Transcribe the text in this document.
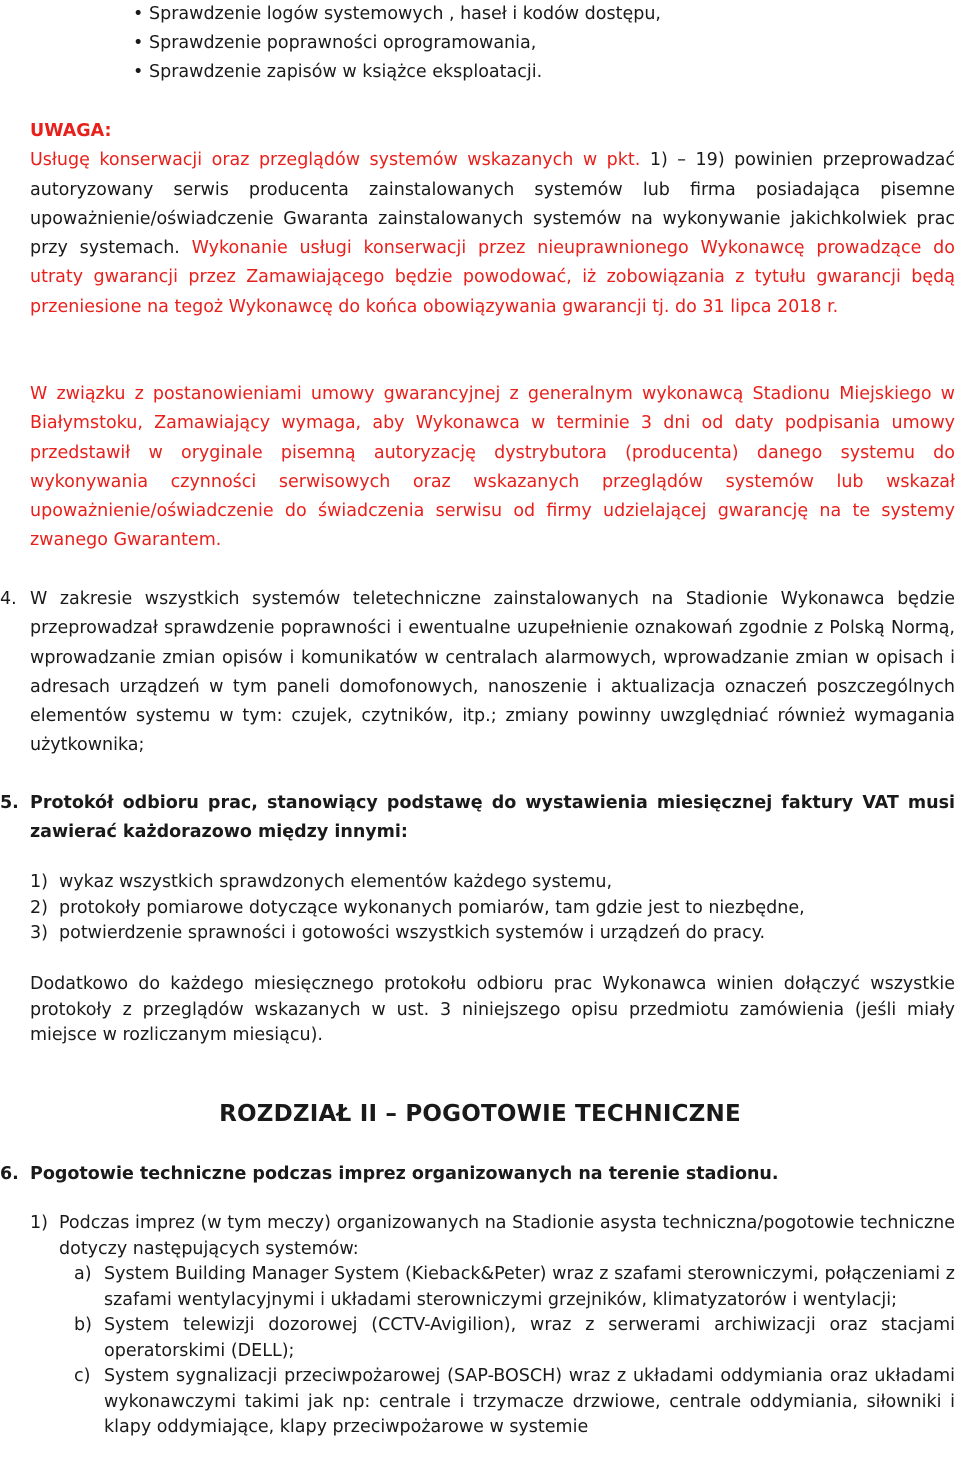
• Sprawdzenie logów systemowych , haseł i kodów dostępu,
• Sprawdzenie poprawności oprogramowania,
• Sprawdzenie zapisów w książce eksploatacji.

UWAGA:
Usługę konserwacji oraz przeglądów systemów wskazanych w pkt. 1) – 19) powinien przeprowadzać autoryzowany serwis producenta zainstalowanych systemów lub firma posiadająca pisemne upoważnienie/oświadczenie Gwaranta zainstalowanych systemów na wykonywanie jakichkolwiek prac przy systemach. Wykonanie usługi konserwacji przez nieuprawnionego Wykonawcę prowadzące do utraty gwarancji przez Zamawiającego będzie powodować, iż zobowiązania z tytułu gwarancji będą przeniesione na tegoż Wykonawcę do końca obowiązywania gwarancji tj. do 31 lipca 2018 r.

W związku z postanowieniami umowy gwarancyjnej z generalnym wykonawcą Stadionu Miejskiego w Białymstoku, Zamawiający wymaga, aby Wykonawca w terminie 3 dni od daty podpisania umowy przedstawił w oryginale pisemną autoryzację dystrybutora (producenta) danego systemu do wykonywania czynności serwisowych oraz wskazanych przeglądów systemów lub wskazał upoważnienie/oświadczenie do świadczenia serwisu od firmy udzielającej gwarancję na te systemy zwanego Gwarantem.

4. W zakresie wszystkich systemów teletechniczne zainstalowanych na Stadionie Wykonawca będzie przeprowadzał sprawdzenie poprawności i ewentualne uzupełnienie oznakowań zgodnie z Polską Normą, wprowadzanie zmian opisów i komunikatów w centralach alarmowych, wprowadzanie zmian w opisach i adresach urządzeń w tym paneli domofonowych, nanoszenie i aktualizacja oznaczeń poszczególnych elementów systemu w tym: czujek, czytników, itp.; zmiany powinny uwzględniać również wymagania użytkownika;

5. Protokół odbioru prac, stanowiący podstawę do wystawienia miesięcznej faktury VAT musi zawierać każdorazowo między innymi:

1) wykaz wszystkich sprawdzonych elementów każdego systemu,
2) protokoły pomiarowe dotyczące wykonanych pomiarów, tam gdzie jest to niezbędne,
3) potwierdzenie sprawności i gotowości wszystkich systemów i urządzeń do pracy.

Dodatkowo do każdego miesięcznego protokołu odbioru prac Wykonawca winien dołączyć wszystkie protokoły z przeglądów wskazanych w ust. 3 niniejszego opisu przedmiotu zamówienia (jeśli miały miejsce w rozliczanym miesiącu).

ROZDZIAŁ II – POGOTOWIE TECHNICZNE
6. Pogotowie techniczne podczas imprez organizowanych na terenie stadionu.

1) Podczas imprez (w tym meczy) organizowanych na Stadionie asysta techniczna/pogotowie techniczne dotyczy następujących systemów:
a) System Building Manager System (Kieback&Peter) wraz z szafami sterowniczymi, połączeniami z szafami wentylacyjnymi i układami sterowniczymi grzejników, klimatyzatorów i wentylacji;
b) System telewizji dozorowej (CCTV-Avigilion), wraz z serwerami archiwizacji oraz stacjami operatorskimi (DELL);
c) System sygnalizacji przeciwpożarowej (SAP-BOSCH) wraz z układami oddymiania oraz układami wykonawczymi takimi jak np: centrale i trzymacze drzwiowe, centrale oddymiania, siłowniki i klapy oddymiające, klapy przeciwpożarowe w systemie
